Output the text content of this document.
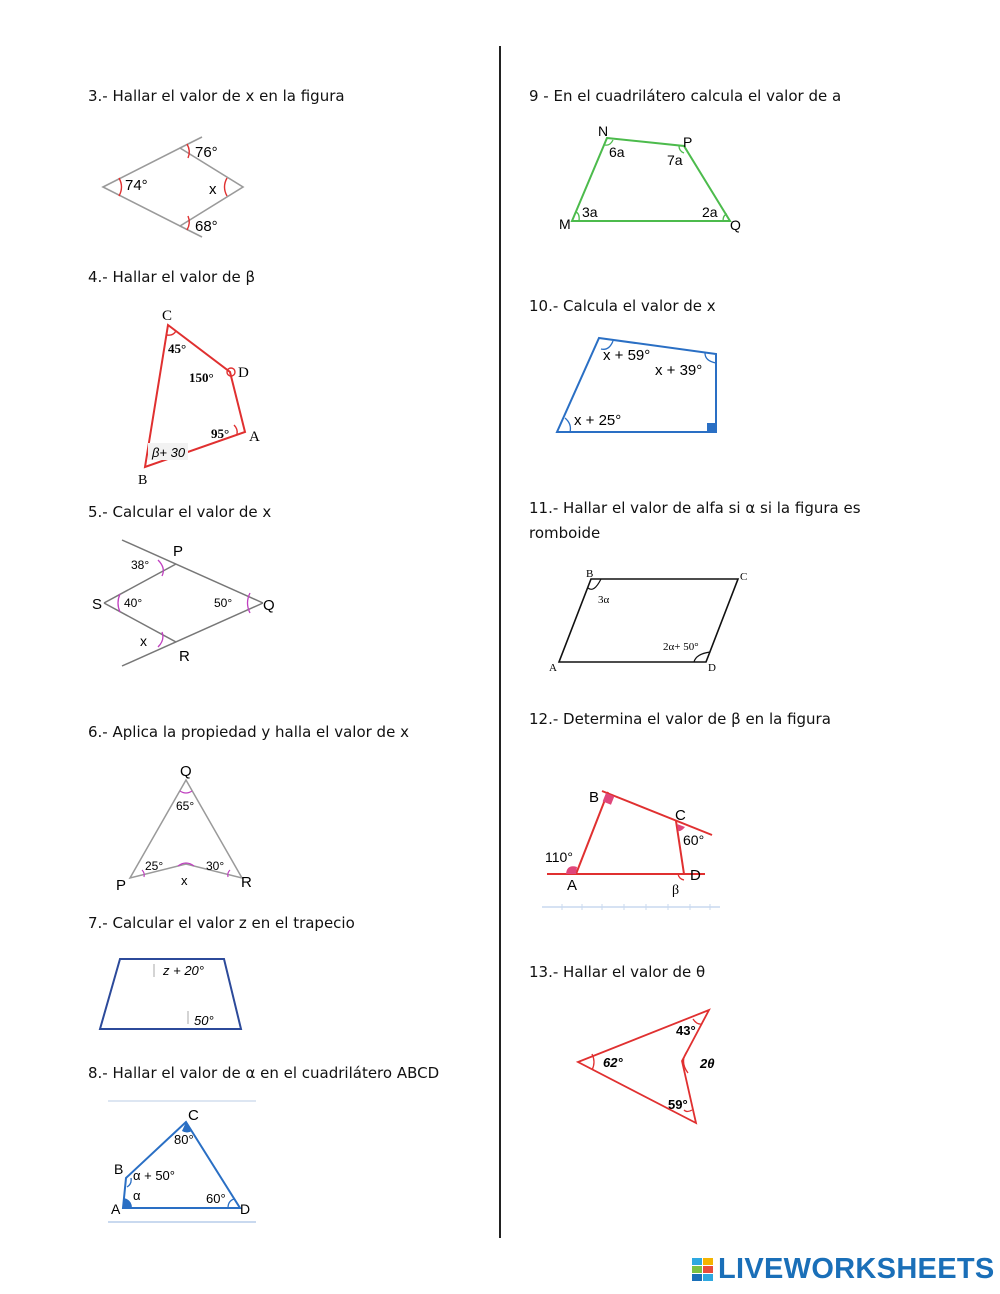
3.- Hallar el valor de x en la figura
4.- Hallar el valor de β
5.- Calcular el valor de x
6.- Aplica la propiedad y halla el valor de x
7.- Calcular el valor z en el trapecio
8.- Hallar el valor de α en el cuadrilátero ABCD
9 - En el cuadrilátero calcula el valor de a
10.- Calcula el valor de x
11.- Hallar el valor de alfa si α si la figura es
romboide
12.- Determina el valor de β en la figura
13.- Hallar el valor de θ
76°
74°	x
68°
C
45°
150° D
95° A
β+ 30
B
P
38°
S 40°	50° Q
x
R
Q
65°
25°	30°
x
P	R
z + 20°
50°
C
80°
B α + 50°
α
A
60°
D
N
6a
P
7a
3a
M
2a
Q
x + 59°
x + 39°
x + 25°
B
3α
C
2α+ 50°
A	D
B
C
60°
110°
A
D
β
43°
62°	2θ
59°
LIVEWORKSHEETS
